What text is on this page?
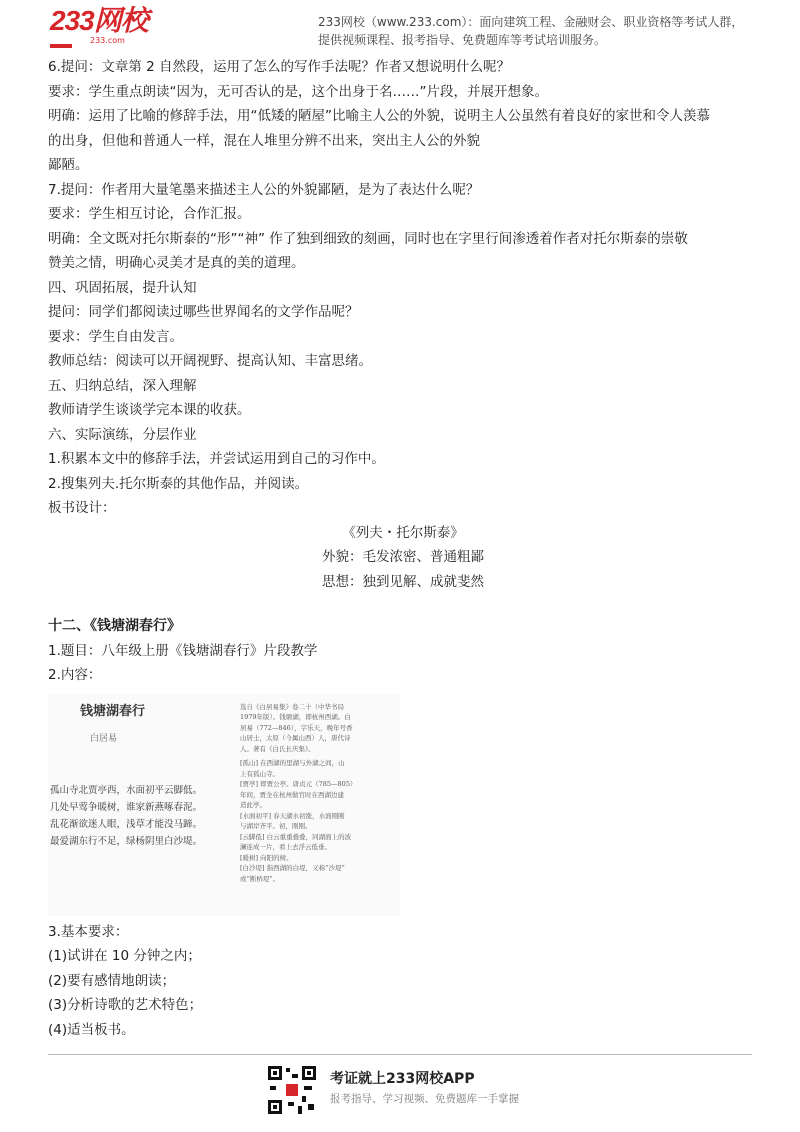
233网校
233.com
233网校（www.233.com）：面向建筑工程、金融财会、职业资格等考试人群，
提供视频课程、报考指导、免费题库等考试培训服务。

6.提问：文章第 2 自然段，运用了怎么的写作手法呢？作者又想说明什么呢？

要求：学生重点朗读“因为，无可否认的是，这个出身于名……”片段，并展开想象。

明确：运用了比喻的修辞手法，用“低矮的陋屋”比喻主人公的外貌，说明主人公虽然有着良好的家世和令人羡慕

的出身，但他和普通人一样，混在人堆里分辨不出来，突出主人公的外貌

鄙陋。

7.提问：作者用大量笔墨来描述主人公的外貌鄙陋，是为了表达什么呢？

要求：学生相互讨论，合作汇报。

明确：全文既对托尔斯泰的“形”“神” 作了独到细致的刻画，同时也在字里行间渗透着作者对托尔斯泰的崇敬

赞美之情，明确心灵美才是真的美的道理。

四、巩固拓展，提升认知

提问：同学们都阅读过哪些世界闻名的文学作品呢？

要求：学生自由发言。

教师总结：阅读可以开阔视野、提高认知、丰富思绪。

五、归纳总结，深入理解

教师请学生谈谈学完本课的收获。

六、实际演练，分层作业

1.积累本文中的修辞手法，并尝试运用到自己的习作中。

2.搜集列夫.托尔斯泰的其他作品，并阅读。

板书设计：

《列夫・托尔斯泰》

外貌：毛发浓密、普通粗鄙

思想：独到见解、成就斐然

十二、《钱塘湖春行》

1.题目：八年级上册《钱塘湖春行》片段教学

2.内容：

钱塘湖春行
白居易
孤山寺北贾亭西，水面初平云脚低。
几处早莺争暖树，谁家新燕啄春泥。
乱花渐欲迷人眼，浅草才能没马蹄。
最爱湖东行不足，绿杨阴里白沙堤。
选自《白居易集》卷二十（中华书局
1979年版）。钱塘湖，即杭州西湖。白
居易（772—846），字乐天，晚年号香
山居士，太原（今属山西）人，唐代诗
人。著有《白氏长庆集》。
[孤山] 在西湖的里湖与外湖之间，山
上有孤山寺。
[贾亭] 即贾公亭。唐贞元（785—805）
年间，贾全在杭州做官时在西湖边建
造此亭。
[水面初平] 春天湖水初涨，水面刚刚
与湖岸齐平。初，刚刚。
[云脚低] 白云重重叠叠，同湖面上的波
澜连成一片，看上去浮云低垂。
[暖树] 向阳的树。
[白沙堤] 指西湖的白堤，又称“沙堤”
或“断桥堤”。

3.基本要求：

(1)试讲在 10 分钟之内；

(2)要有感情地朗读；

(3)分析诗歌的艺术特色；

(4)适当板书。

考证就上233网校APP
报考指导、学习视频、免费题库一手掌握
